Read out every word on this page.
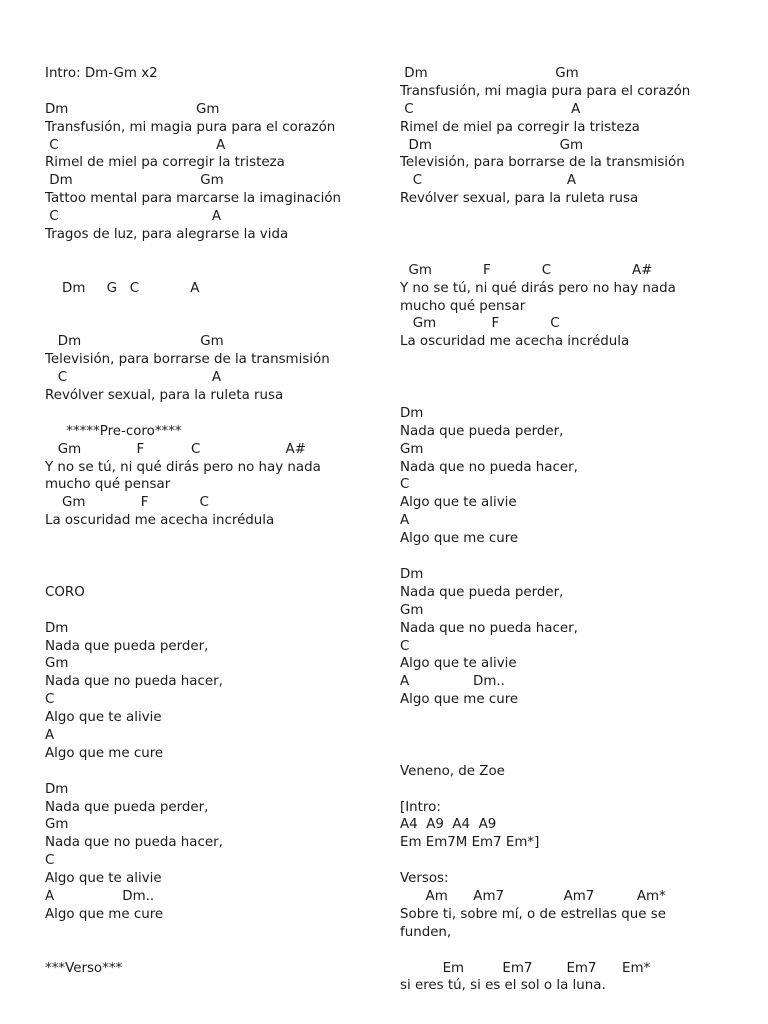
Intro: Dm-Gm x2
Dm                              Gm
Transfusión, mi magia pura para el corazón
C                                     A
Rimel de miel pa corregir la tristeza
Dm                              Gm
Tattoo mental para marcarse la imaginación
C                                    A
Tragos de luz, para alegrarse la vida
Dm     G   C            A
Dm                            Gm
Televisión, para borrarse de la transmisión
C                                  A
Revólver sexual, para la ruleta rusa
*****Pre-coro****
Gm             F           C                    A#
Y no se tú, ni qué dirás pero no hay nada
mucho qué pensar
Gm             F            C
La oscuridad me acecha incrédula
CORO
Dm
Nada que pueda perder,
Gm
Nada que no pueda hacer,
C
Algo que te alivie
A
Algo que me cure
Dm
Nada que pueda perder,
Gm
Nada que no pueda hacer,
C
Algo que te alivie
A                Dm..
Algo que me cure
***Verso***
Dm                              Gm
Transfusión, mi magia pura para el corazón
C                                     A
Rimel de miel pa corregir la tristeza
Dm                              Gm
Televisión, para borrarse de la transmisión
C                                  A
Revólver sexual, para la ruleta rusa
Gm            F            C                   A#
Y no se tú, ni qué dirás pero no hay nada
mucho qué pensar
Gm             F            C
La oscuridad me acecha incrédula
Dm
Nada que pueda perder,
Gm
Nada que no pueda hacer,
C
Algo que te alivie
A
Algo que me cure
Dm
Nada que pueda perder,
Gm
Nada que no pueda hacer,
C
Algo que te alivie
A               Dm..
Algo que me cure
Veneno, de Zoe
[Intro:
A4  A9  A4  A9
Em Em7M Em7 Em*]
Versos:
Am      Am7              Am7          Am*
Sobre ti, sobre mí, o de estrellas que se
funden,
Em         Em7        Em7      Em*
si eres tú, si es el sol o la luna.
